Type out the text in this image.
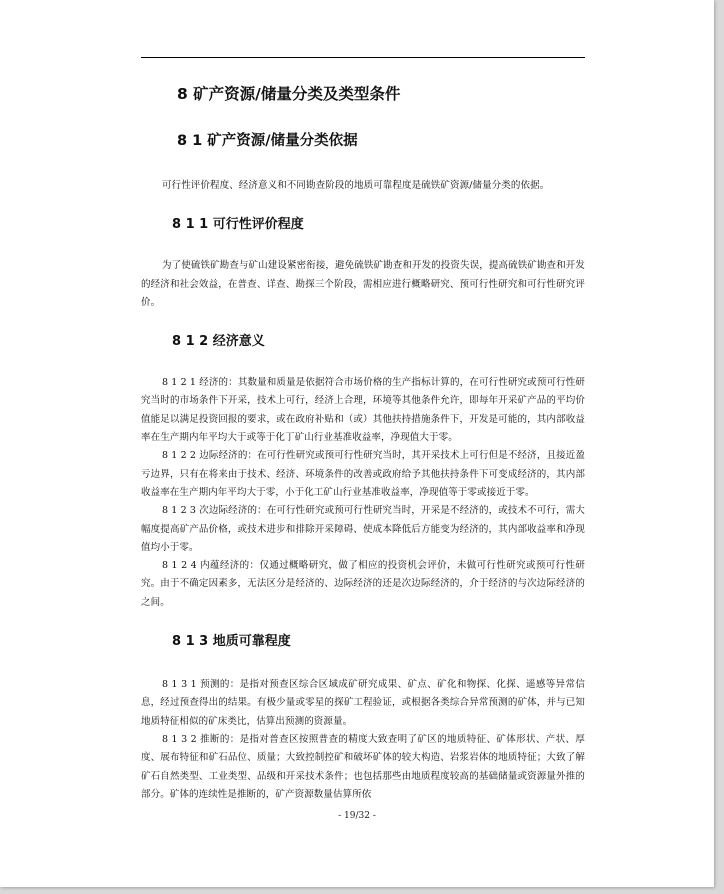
8 矿产资源/储量分类及类型条件
8 1 矿产资源/储量分类依据

可行性评价程度、经济意义和不同勘查阶段的地质可靠程度是硫铁矿资源/储量分类的依据。

8 1 1 可行性评价程度

为了使硫铁矿勘查与矿山建设紧密衔接，避免硫铁矿勘查和开发的投资失误，提高硫铁矿勘查和开发的经济和社会效益，在普查、详查、勘探三个阶段，需相应进行概略研究、预可行性研究和可行性研究评价。

8 1 2 经济意义

8 1 2 1 经济的：其数量和质量是依据符合市场价格的生产指标计算的，在可行性研究或预可行性研究当时的市场条件下开采，技术上可行，经济上合理，环境等其他条件允许，即每年开采矿产品的平均价值能足以满足投资回报的要求，或在政府补贴和（或）其他扶持措施条件下，开发是可能的，其内部收益率在生产期内年平均大于或等于化丁矿山行业基准收益率，净现值大于零。

8 1 2 2 边际经济的：在可行性研究或预可行性研究当时，其开采技术上可行但是不经济，且接近盈亏边界，只有在将来由于技术、经济、环境条件的改善或政府给予其他扶持条件下可变成经济的，其内部收益率在生产期内年平均大于零，小于化工矿山行业基准收益率，净现值等于零或接近于零。

8 1 2 3 次边际经济的：在可行性研究或预可行性研究当时，开采是不经济的，或技术不可行，需大幅度提高矿产品价格，或技术进步和排除开采障碍、使成本降低后方能变为经济的，其内部收益率和净现值均小于零。

8 1 2 4 内蕴经济的：仅通过概略研究，做了相应的投资机会评价，未做可行性研究或预可行性研究。由于不确定因素多，无法区分是经济的、边际经济的还是次边际经济的，介于经济的与次边际经济的之间。

8 1 3 地质可靠程度

8 1 3 1 预测的：是指对预查区综合区域成矿研究成果、矿点、矿化和物探、化探、遥感等异常信息，经过预查得出的结果。有极少量或零星的探矿工程验证，或根据各类综合异常预测的矿体，并与已知地质特征相似的矿床类比，估算出预测的资源量。

8 1 3 2 推断的：是指对普查区按照普查的精度大致查明了矿区的地质特征、矿体形状、产状、厚度、展布特征和矿石品位、质量；大致控制控矿和破坏矿体的较大构造、岩浆岩体的地质特征；大致了解矿石自然类型、工业类型、品级和开采技术条件；也包括那些由地质程度较高的基础储量或资源量外推的部分。矿体的连续性是推断的，矿产资源数量估算所依

- 19/32 -
